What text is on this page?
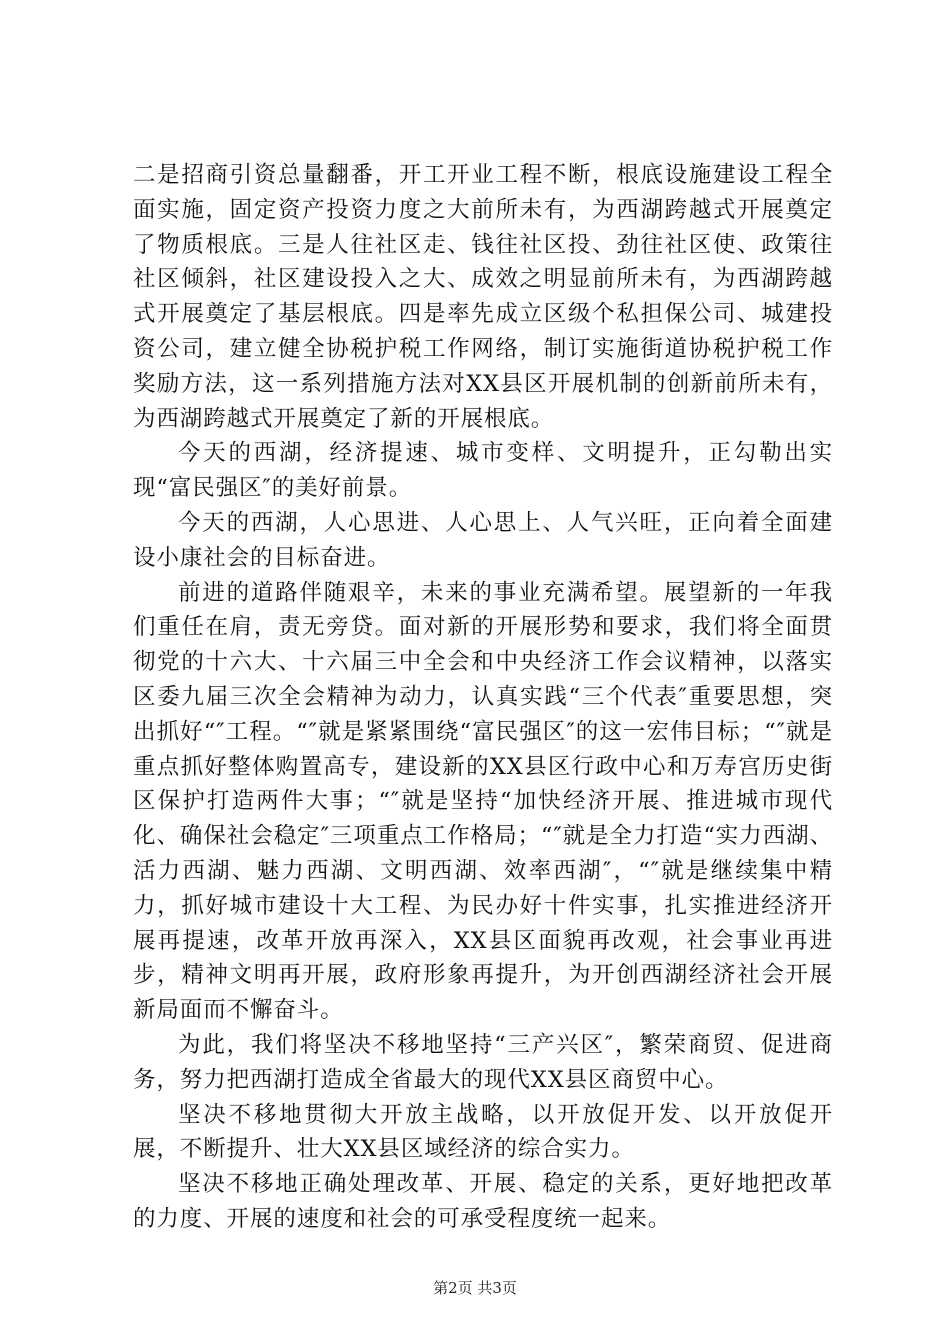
二是招商引资总量翻番，开工开业工程不断，根底设施建设工程全面实施，固定资产投资力度之大前所未有，为西湖跨越式开展奠定了物质根底。三是人往社区走、钱往社区投、劲往社区使、政策往社区倾斜，社区建设投入之大、成效之明显前所未有，为西湖跨越式开展奠定了基层根底。四是率先成立区级个私担保公司、城建投资公司，建立健全协税护税工作网络，制订实施街道协税护税工作奖励方法，这一系列措施方法对XX县区开展机制的创新前所未有，为西湖跨越式开展奠定了新的开展根底。

今天的西湖，经济提速、城市变样、文明提升，正勾勒出实现“富民强区″的美好前景。

今天的西湖，人心思进、人心思上、人气兴旺，正向着全面建设小康社会的目标奋进。

前进的道路伴随艰辛，未来的事业充满希望。展望新的一年我们重任在肩，责无旁贷。面对新的开展形势和要求，我们将全面贯彻党的十六大、十六届三中全会和中央经济工作会议精神，以落实区委九届三次全会精神为动力，认真实践“三个代表″重要思想，突出抓好“″工程。“″就是紧紧围绕“富民强区″的这一宏伟目标；“″就是重点抓好整体购置高专，建设新的XX县区行政中心和万寿宫历史街区保护打造两件大事；“″就是坚持“加快经济开展、推进城市现代化、确保社会稳定″三项重点工作格局；“″就是全力打造“实力西湖、活力西湖、魅力西湖、文明西湖、效率西湖″，“″就是继续集中精力，抓好城市建设十大工程、为民办好十件实事，扎实推进经济开展再提速，改革开放再深入，XX县区面貌再改观，社会事业再进步，精神文明再开展，政府形象再提升，为开创西湖经济社会开展新局面而不懈奋斗。

为此，我们将坚决不移地坚持“三产兴区″，繁荣商贸、促进商务，努力把西湖打造成全省最大的现代XX县区商贸中心。

坚决不移地贯彻大开放主战略，以开放促开发、以开放促开展，不断提升、壮大XX县区域经济的综合实力。

坚决不移地正确处理改革、开展、稳定的关系，更好地把改革的力度、开展的速度和社会的可承受程度统一起来。

第2页 共3页
